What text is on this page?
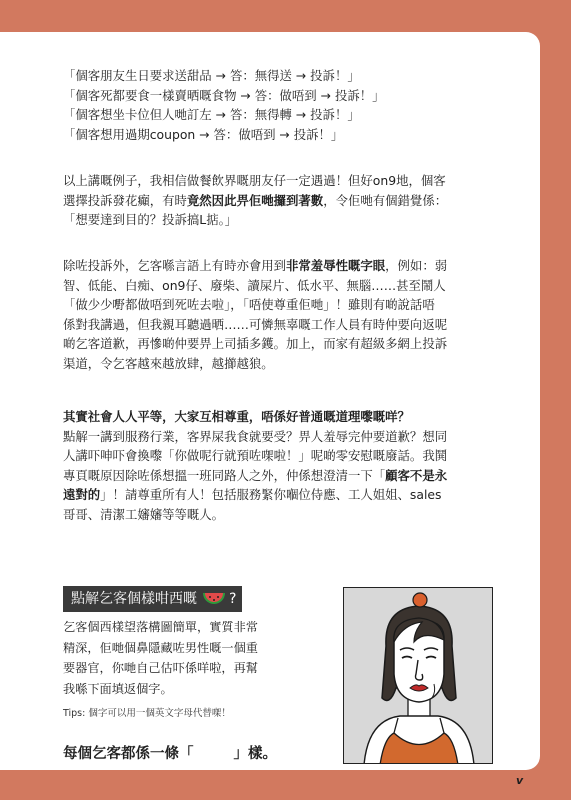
「個客朋友生日要求送甜品 → 答：無得送 → 投訴！」
「個客死都要食一樣賣晒嘅食物 → 答：做唔到 → 投訴！」
「個客想坐卡位但人哋訂左 → 答：無得轉 → 投訴！」
「個客想用過期coupon → 答：做唔到 → 投訴！」
以上講嘅例子，我相信做餐飲界嘅朋友仔一定遇過！但好on9地，個客
選擇投訴發花癲，有時竟然因此畀佢哋攞到著數，令佢哋有個錯覺係：
「想要達到目的？投訴搞L掂。」
除咗投訴外，乞客喺言語上有時亦會用到非常羞辱性嘅字眼，例如：弱
智、低能、白痴、on9仔、廢柴、讀屎片、低水平、無腦……甚至鬧人
「做少少嘢都做唔到死咗去啦」，「唔使尊重佢哋」！雖則有啲說話唔
係對我講過，但我親耳聽過晒……可憐無辜嘅工作人員有時仲要向返呢
啲乞客道歉，再慘啲仲要畀上司插多鑊。加上，而家有超級多網上投訴
渠道，令乞客越來越放肆，越擳越狼。
其實社會人人平等，大家互相尊重，唔係好普通嘅道理嚟嘅咩？
點解一講到服務行業，客界屎我食就要受？畀人羞辱完仲要道歉？想同
人講吓呻吓會換嚟「你做呢行就預咗㗎啦！」呢啲零安慰嘅廢話。我鬨
專頁嘅原因除咗係想搵一班同路人之外，仲係想澄清一下「顧客不是永
遠對的」！請尊重所有人！包括服務緊你嗰位侍應、工人姐姐、sales
哥哥、清潔工嬸嬸等等嘅人。
點解乞客個樣咁西嘅 ?
乞客個西樣望落構圖簡單，實質非常
精深，佢哋個鼻隱藏咗男性嘅一個重
要器官，你哋自己估吓係咩啦，再幫
我喺下面填返個字。
Tips: 個字可以用一個英文字母代替㗎！
每個乞客都係一條「	」樣。
v
